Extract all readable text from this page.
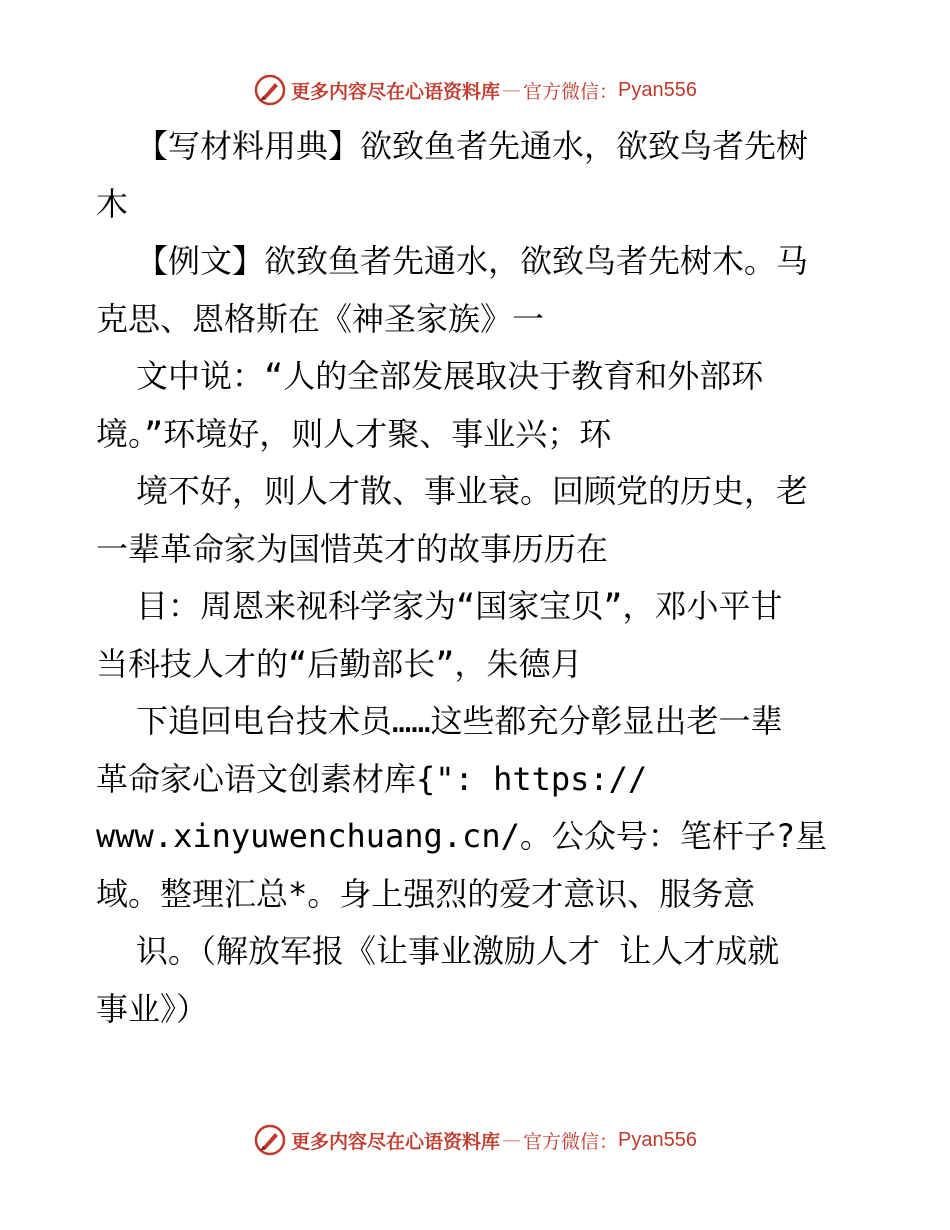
更多内容尽在心语资料库 — 官方微信： Pyan556
【写材料用典】欲致鱼者先通水，欲致鸟者先树
木
【例文】欲致鱼者先通水，欲致鸟者先树木。马
克思、恩格斯在《神圣家族》一
文中说：“人的全部发展取决于教育和外部环
境。”环境好，则人才聚、事业兴；环
境不好，则人才散、事业衰。回顾党的历史，老
一辈革命家为国惜英才的故事历历在
目：周恩来视科学家为“国家宝贝”，邓小平甘
当科技人才的“后勤部长”，朱德月
下追回电台技术员……这些都充分彰显出老一辈
革命家心语文创素材库{": https://
www.xinyuwenchuang.cn/。公众号：笔杆子?星
域。整理汇总*。身上强烈的爱才意识、服务意
识。（解放军报《让事业激励人才 让人才成就
事业》）
更多内容尽在心语资料库 — 官方微信： Pyan556
